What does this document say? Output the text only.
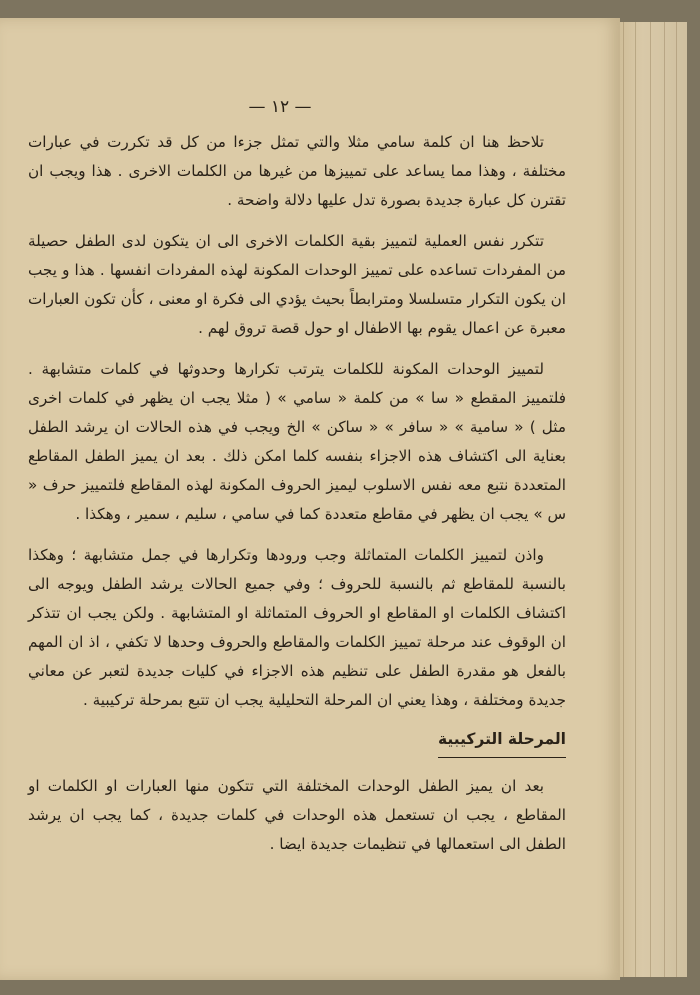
— ١٢ —

تلاحظ هنا ان كلمة سامي مثلا والتي تمثل جزءا من كل قد تكررت في عبارات مختلفة ، وهذا مما يساعد على تمييزها من غيرها من الكلمات الاخرى . هذا ويجب ان تقترن كل عبارة جديدة بصورة تدل عليها دلالة واضحة .

تتكرر نفس العملية لتمييز بقية الكلمات الاخرى الى ان يتكون لدى الطفل حصيلة من المفردات تساعده على تمييز الوحدات المكونة لهذه المفردات انفسها . هذا و يجب ان يكون التكرار متسلسلا ومترابطاً بحيث يؤدي الى فكرة او معنى ، كأن تكون العبارات معبرة عن اعمال يقوم بها الاطفال او حول قصة تروق لهم .

لتمييز الوحدات المكونة للكلمات يترتب تكرارها وحدوثها في كلمات متشابهة . فلتمييز المقطع « سا » من كلمة « سامي » ( مثلا يجب ان يظهر في كلمات اخرى مثل ) « سامية » « سافر » « ساكن » الخ ويجب في هذه الحالات ان يرشد الطفل بعناية الى اكتشاف هذه الاجزاء بنفسه كلما امكن ذلك . بعد ان يميز الطفل المقاطع المتعددة نتبع معه نفس الاسلوب ليميز الحروف المكونة لهذه المقاطع فلتمييز حرف « س » يجب ان يظهر في مقاطع متعددة كما في سامي ، سليم ، سمير ، وهكذا .

واذن لتمييز الكلمات المتماثلة وجب ورودها وتكرارها في جمل متشابهة ؛ وهكذا بالنسبة للمقاطع ثم بالنسبة للحروف ؛ وفي جميع الحالات يرشد الطفل ويوجه الى اكتشاف الكلمات او المقاطع او الحروف المتماثلة او المتشابهة . ولكن يجب ان تتذكر ان الوقوف عند مرحلة تمييز الكلمات والمقاطع والحروف وحدها لا تكفي ، اذ ان المهم بالفعل هو مقدرة الطفل على تنظيم هذه الاجزاء في كليات جديدة لتعبر عن معاني جديدة ومختلفة ، وهذا يعني ان المرحلة التحليلية يجب ان تتبع بمرحلة تركيبية .

المرحلة التركيبية

بعد ان يميز الطفل الوحدات المختلفة التي تتكون منها العبارات او الكلمات او المقاطع ، يجب ان تستعمل هذه الوحدات في كلمات جديدة ، كما يجب ان يرشد الطفل الى استعمالها في تنظيمات جديدة ايضا .
